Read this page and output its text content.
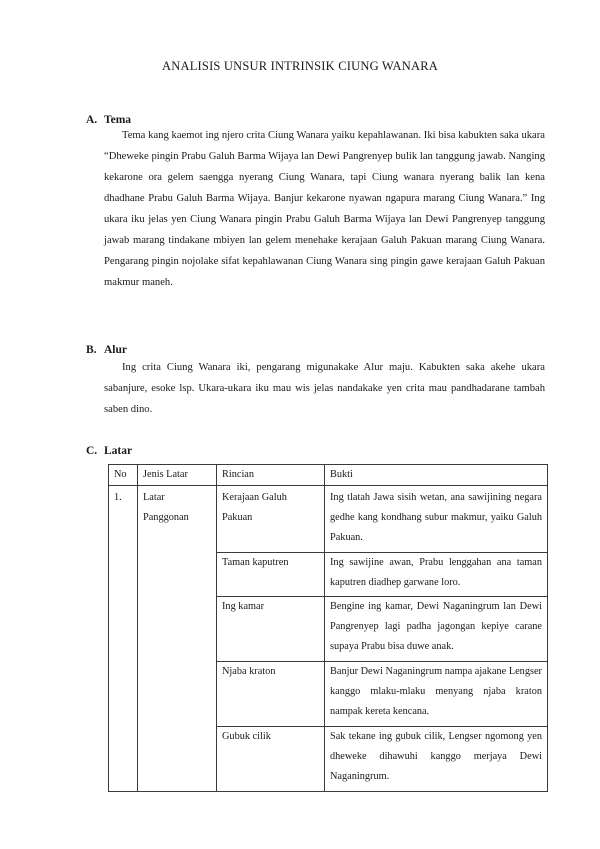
ANALISIS UNSUR INTRINSIK CIUNG WANARA
A. Tema
Tema kang kaemot ing njero crita Ciung Wanara yaiku kepahlawanan. Iki bisa kabukten saka ukara “Dheweke pingin Prabu Galuh Barma Wijaya lan Dewi Pangrenyep bulik lan tanggung jawab. Nanging kekarone ora gelem saengga nyerang Ciung Wanara, tapi Ciung wanara nyerang balik lan kena dhadhane Prabu Galuh Barma Wijaya. Banjur kekarone nyawan ngapura marang Ciung Wanara.” Ing ukara iku jelas yen Ciung Wanara pingin Prabu Galuh Barma Wijaya lan Dewi Pangrenyep tanggung jawab marang tindakane mbiyen lan gelem menehake kerajaan Galuh Pakuan marang Ciung Wanara. Pengarang pingin nojolake sifat kepahlawanan Ciung Wanara sing pingin gawe kerajaan Galuh Pakuan makmur maneh.
B. Alur
Ing crita Ciung Wanara iki, pengarang migunakake Alur maju. Kabukten saka akehe ukara sabanjure, esoke lsp. Ukara-ukara iku mau wis jelas nandakake yen crita mau pandhadarane tambah saben dino.
C. Latar
No	Jenis Latar	Rincian	Bukti
1.	Latar Panggonan	Kerajaan Galuh Pakuan	Ing tlatah Jawa sisih wetan, ana sawijining negara gedhe kang kondhang subur makmur, yaiku Galuh Pakuan.
		Taman kaputren	Ing sawijine awan, Prabu lenggahan ana taman kaputren diadhep garwane loro.
		Ing kamar	Bengine ing kamar, Dewi Naganingrum lan Dewi Pangrenyep lagi padha jagongan kepiye carane supaya Prabu bisa duwe anak.
		Njaba kraton	Banjur Dewi Naganingrum nampa ajakane Lengser kanggo mlaku-mlaku menyang njaba kraton nampak kereta kencana.
		Gubuk cilik	Sak tekane ing gubuk cilik, Lengser ngomong yen dheweke dihawuhi kanggo merjaya Dewi Naganingrum.
